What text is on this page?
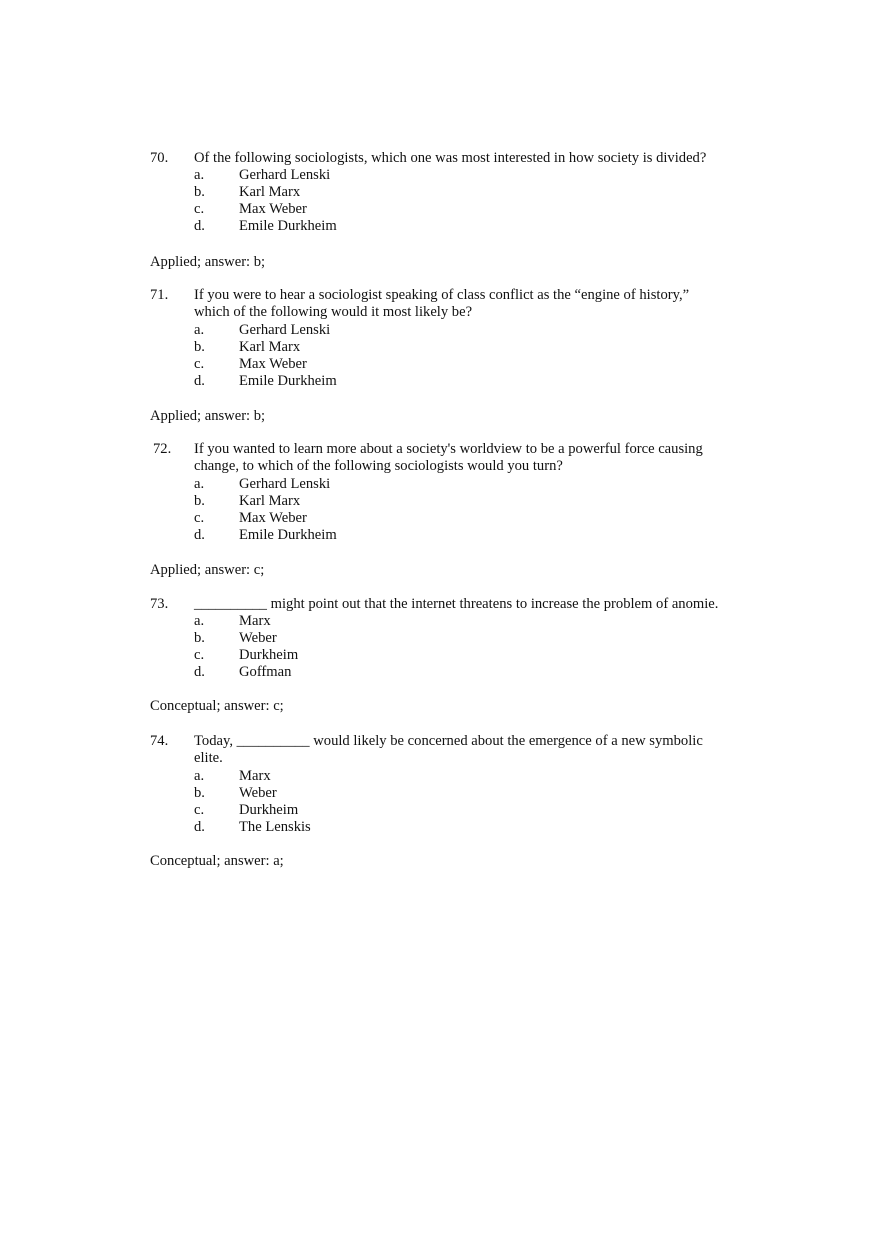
70. Of the following sociologists, which one was most interested in how society is divided?
a. Gerhard Lenski
b. Karl Marx
c. Max Weber
d. Emile Durkheim
Applied; answer: b;
71. If you were to hear a sociologist speaking of class conflict as the “engine of history,”
which of the following would it most likely be?
a. Gerhard Lenski
b. Karl Marx
c. Max Weber
d. Emile Durkheim
Applied; answer: b;
72. If you wanted to learn more about a society's worldview to be a powerful force causing
change, to which of the following sociologists would you turn?
a. Gerhard Lenski
b. Karl Marx
c. Max Weber
d. Emile Durkheim
Applied; answer: c;
73. __________ might point out that the internet threatens to increase the problem of anomie.
a. Marx
b. Weber
c. Durkheim
d. Goffman
Conceptual; answer: c;
74. Today, __________ would likely be concerned about the emergence of a new symbolic
elite.
a. Marx
b. Weber
c. Durkheim
d. The Lenskis
Conceptual; answer: a;
